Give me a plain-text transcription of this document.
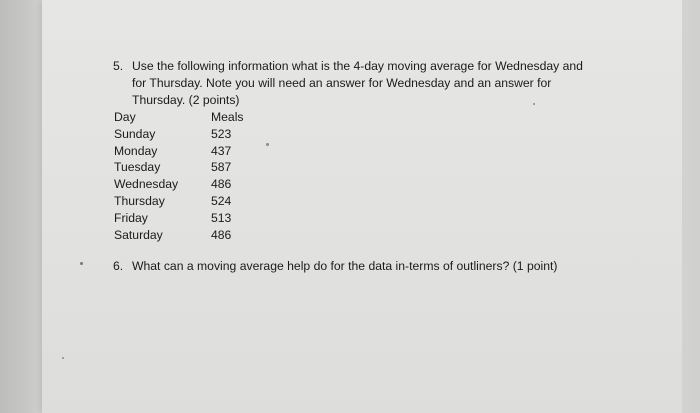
5. Use the following information what is the 4-day moving average for Wednesday and for Thursday. Note you will need an answer for Wednesday and an answer for Thursday. (2 points)
Day	Meals
Sunday	523
Monday	437
Tuesday	587
Wednesday	486
Thursday	524
Friday	513
Saturday	486
6. What can a moving average help do for the data in-terms of outliners? (1 point)
